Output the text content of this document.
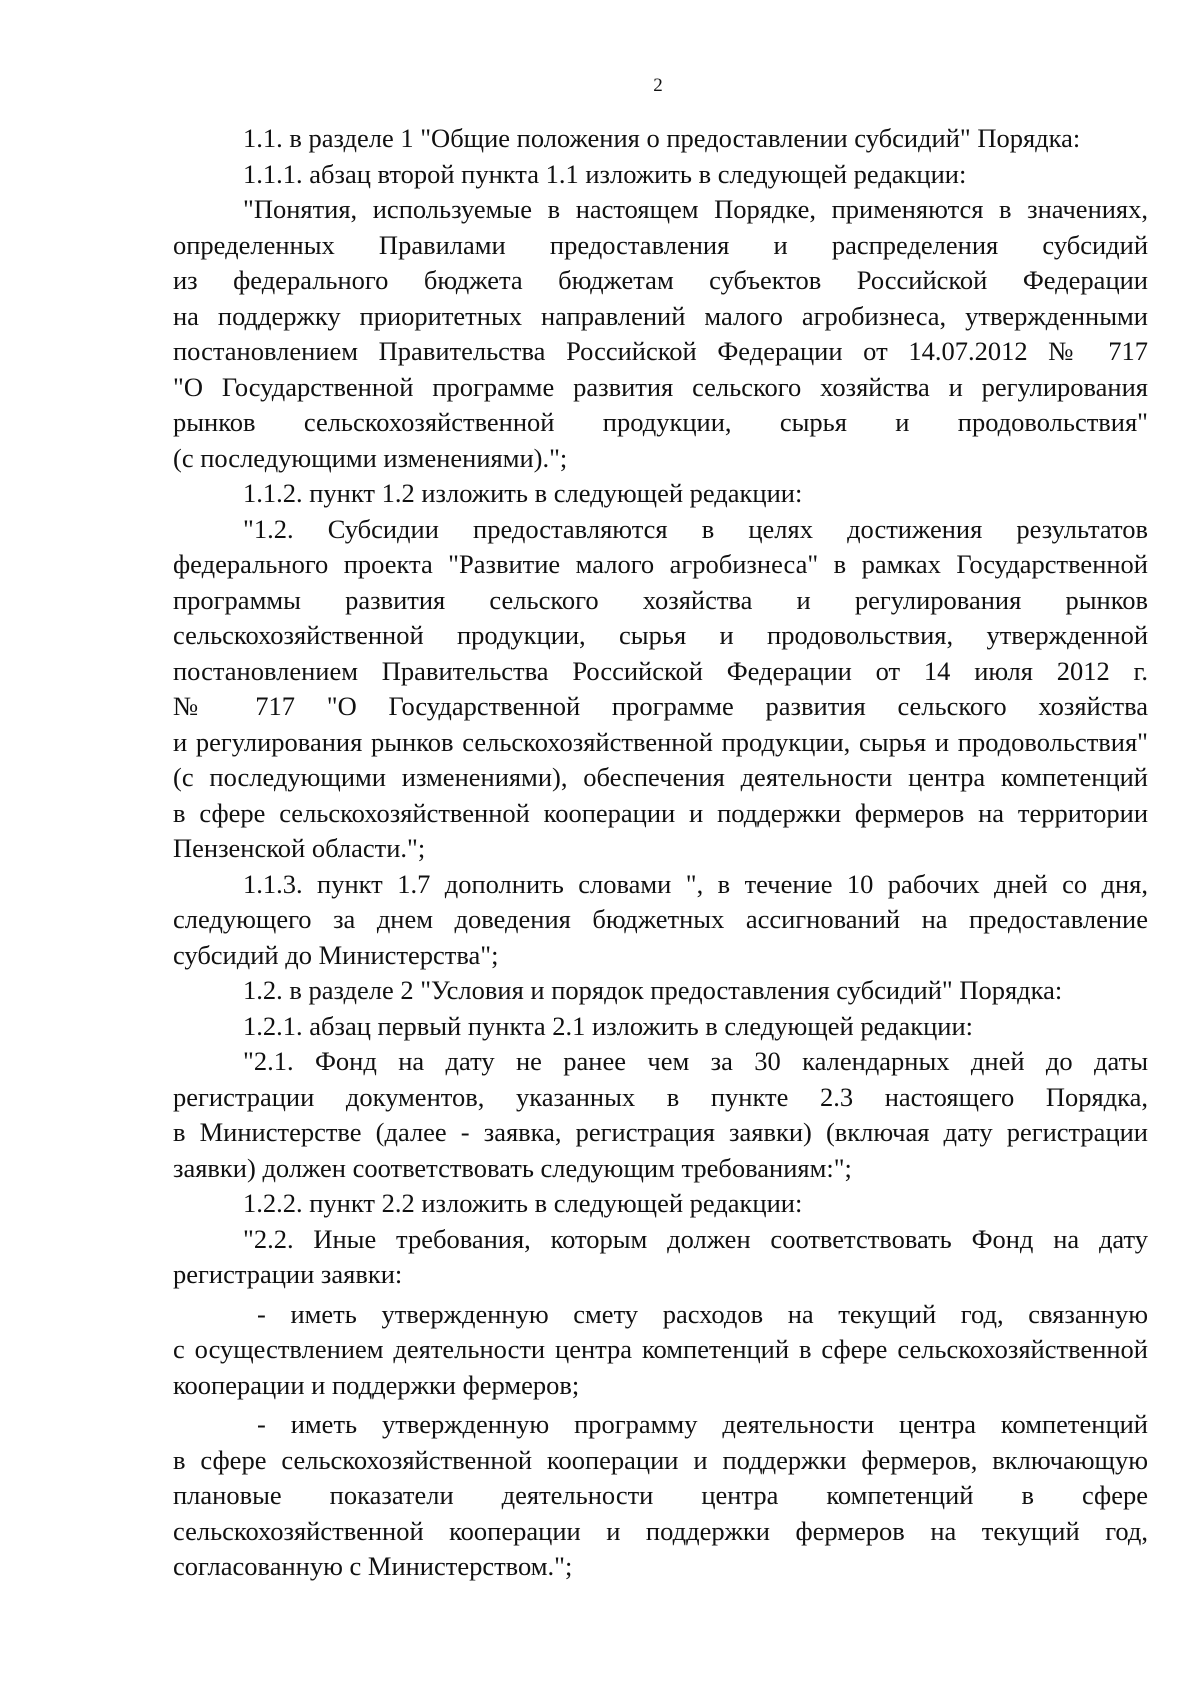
2
1.1. в разделе 1 "Общие положения о предоставлении субсидий" Порядка:
1.1.1. абзац второй пункта 1.1 изложить в следующей редакции:
"Понятия, используемые в настоящем Порядке, применяются в значениях,
определенных Правилами предоставления и распределения субсидий
из федерального бюджета бюджетам субъектов Российской Федерации
на поддержку приоритетных направлений малого агробизнеса, утвержденными
постановлением Правительства Российской Федерации от 14.07.2012 № 717
"О Государственной программе развития сельского хозяйства и регулирования
рынков сельскохозяйственной продукции, сырья и продовольствия"
(с последующими изменениями).";
1.1.2. пункт 1.2 изложить в следующей редакции:
"1.2. Субсидии предоставляются в целях достижения результатов
федерального проекта "Развитие малого агробизнеса" в рамках Государственной
программы развития сельского хозяйства и регулирования рынков
сельскохозяйственной продукции, сырья и продовольствия, утвержденной
постановлением Правительства Российской Федерации от 14 июля 2012 г.
№ 717 "О Государственной программе развития сельского хозяйства
и регулирования рынков сельскохозяйственной продукции, сырья и продовольствия"
(с последующими изменениями), обеспечения деятельности центра компетенций
в сфере сельскохозяйственной кооперации и поддержки фермеров на территории
Пензенской области.";
1.1.3. пункт 1.7 дополнить словами ", в течение 10 рабочих дней со дня,
следующего за днем доведения бюджетных ассигнований на предоставление
субсидий до Министерства";
1.2. в разделе 2 "Условия и порядок предоставления субсидий" Порядка:
1.2.1. абзац первый пункта 2.1 изложить в следующей редакции:
"2.1. Фонд на дату не ранее чем за 30 календарных дней до даты
регистрации документов, указанных в пункте 2.3 настоящего Порядка,
в Министерстве (далее - заявка, регистрация заявки) (включая дату регистрации
заявки) должен соответствовать следующим требованиям:";
1.2.2. пункт 2.2 изложить в следующей редакции:
"2.2. Иные требования, которым должен соответствовать Фонд на дату
регистрации заявки:
- иметь утвержденную смету расходов на текущий год, связанную
с осуществлением деятельности центра компетенций в сфере сельскохозяйственной
кооперации и поддержки фермеров;
- иметь утвержденную программу деятельности центра компетенций
в сфере сельскохозяйственной кооперации и поддержки фермеров, включающую
плановые показатели деятельности центра компетенций в сфере
сельскохозяйственной кооперации и поддержки фермеров на текущий год,
согласованную с Министерством.";
